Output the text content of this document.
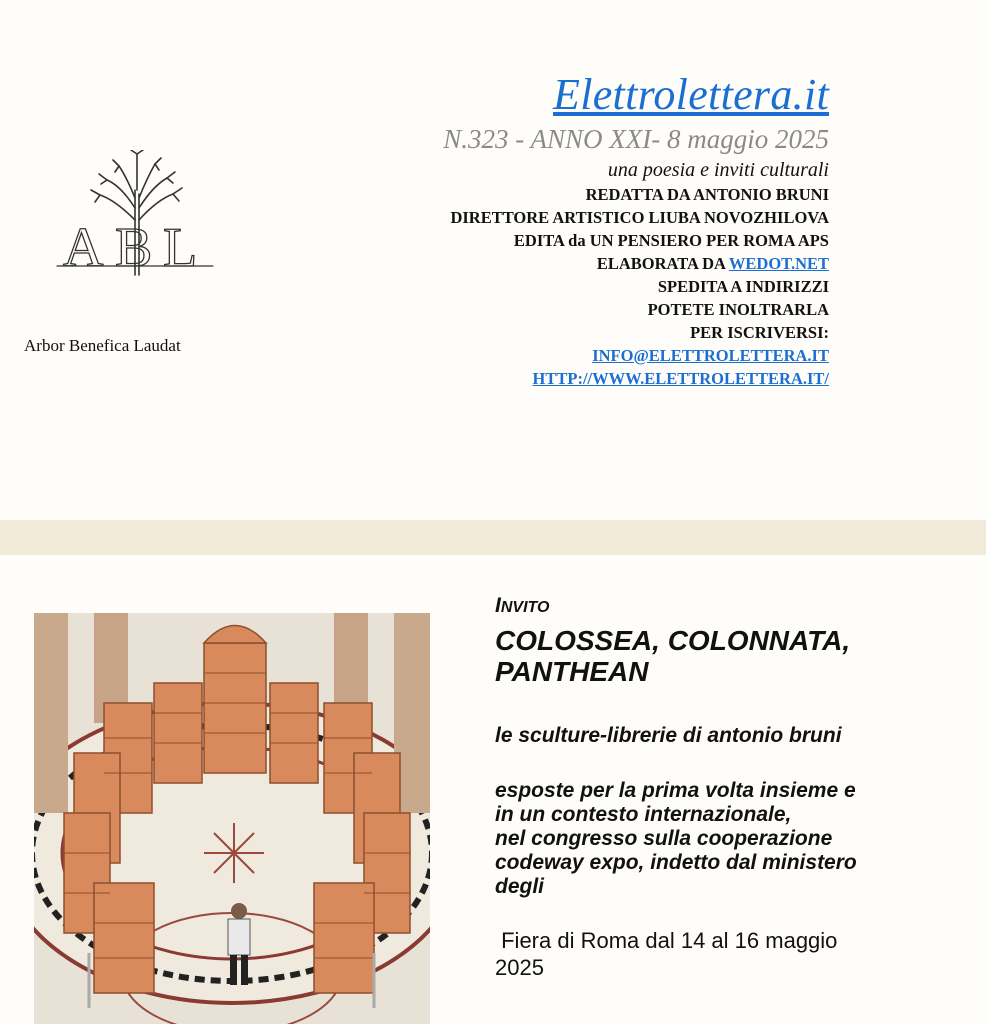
A B L
Arbor Benefica Laudat
Elettrolettera.it
N.323 - ANNO XXI- 8 maggio 2025
una poesia e inviti culturali
REDATTA DA ANTONIO BRUNI
DIRETTORE ARTISTICO LIUBA NOVOZHILOVA
EDITA da UN PENSIERO PER ROMA APS
ELABORATA DA WEDOT.NET
SPEDITA A INDIRIZZI
POTETE INOLTRARLA
PER ISCRIVERSI:
INFO@ELETTROLETTERA.IT
HTTP://WWW.ELETTROLETTERA.IT/
INVITO
COLOSSEA, COLONNATA,
PANTHEAN
le sculture-librerie di antonio bruni
esposte per la prima volta insieme e
in un contesto internazionale,
nel congresso sulla cooperazione
codeway expo, indetto dal ministero
degli
Fiera di Roma dal 14 al 16 maggio
2025
